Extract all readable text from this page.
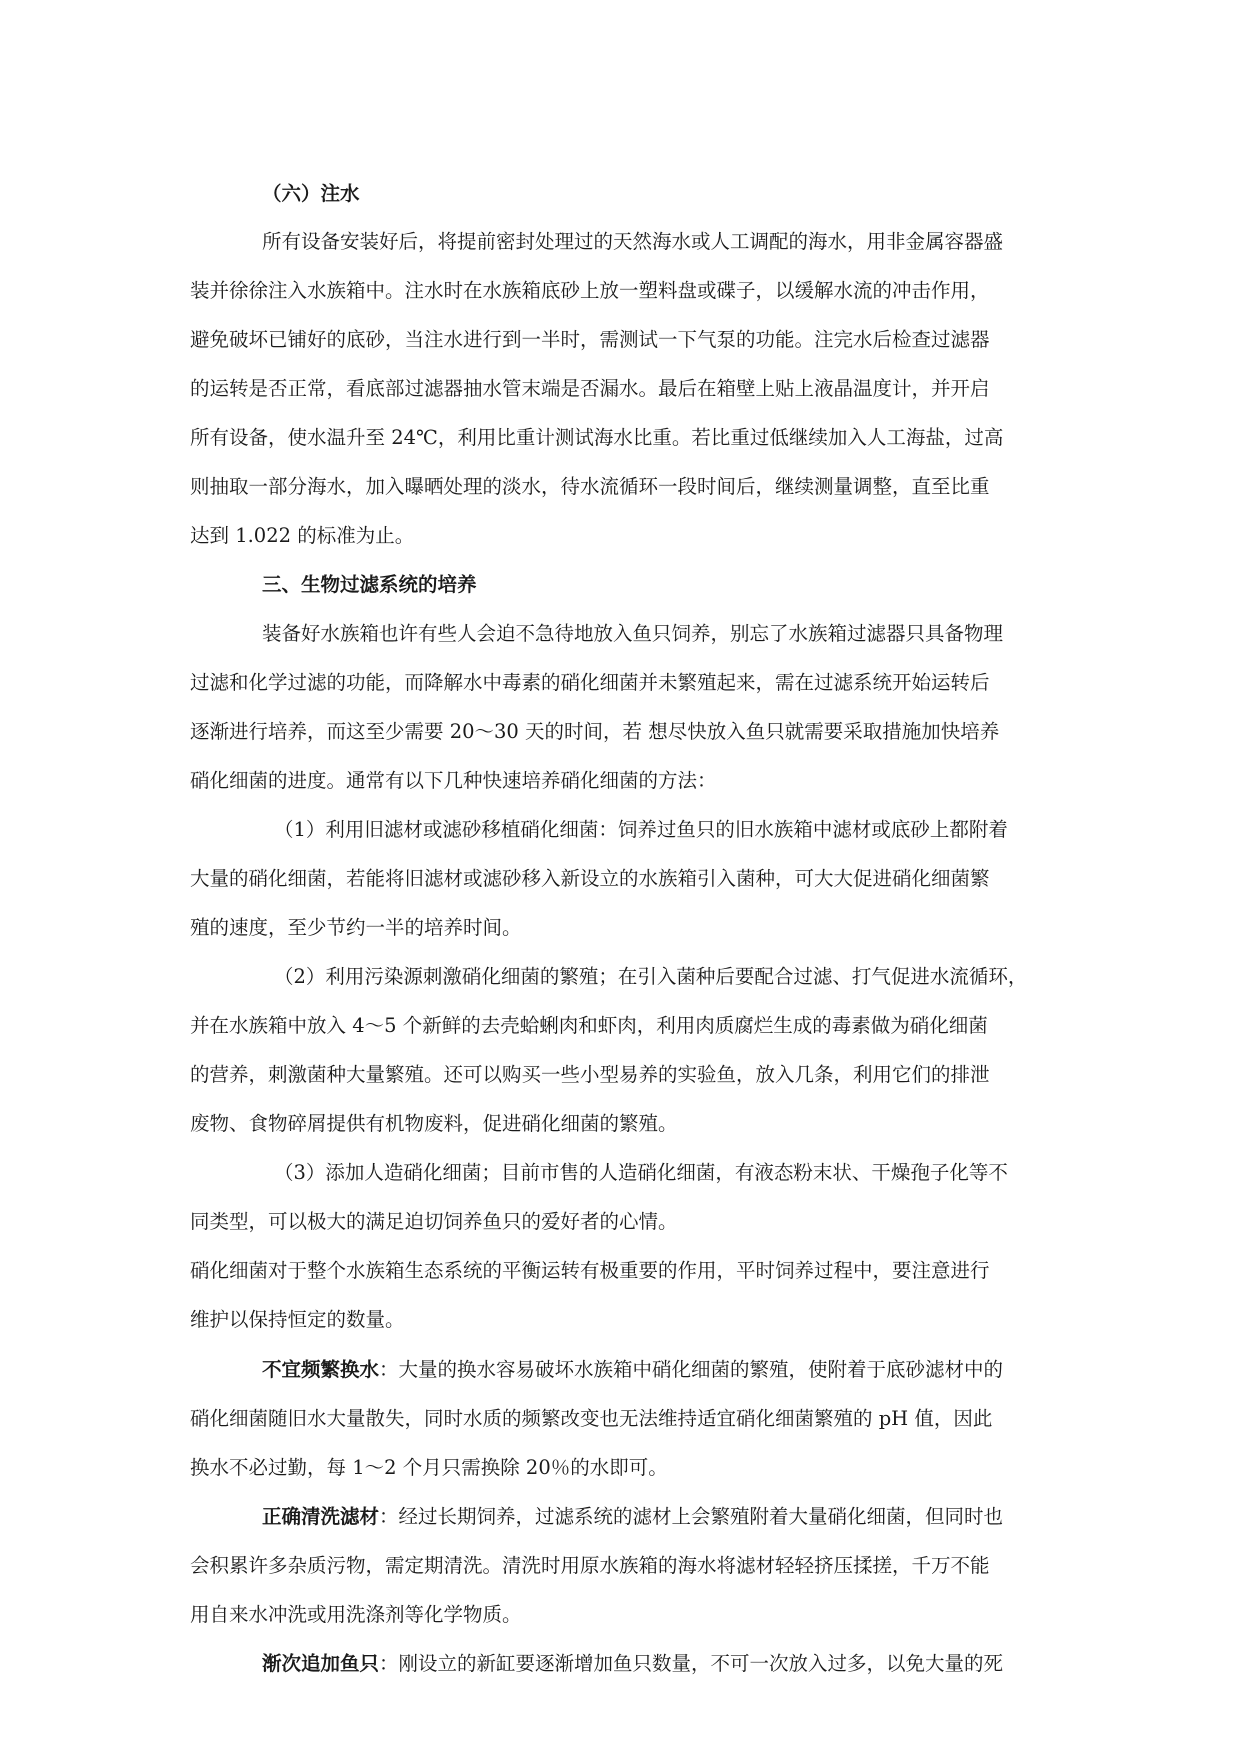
（六）注水
所有设备安装好后，将提前密封处理过的天然海水或人工调配的海水，用非金属容器盛
装并徐徐注入水族箱中。注水时在水族箱底砂上放一塑料盘或碟子，以缓解水流的冲击作用，
避免破坏已铺好的底砂，当注水进行到一半时，需测试一下气泵的功能。注完水后检查过滤器
的运转是否正常，看底部过滤器抽水管末端是否漏水。最后在箱壁上贴上液晶温度计，并开启
所有设备，使水温升至 24℃，利用比重计测试海水比重。若比重过低继续加入人工海盐，过高
则抽取一部分海水，加入曝晒处理的淡水，待水流循环一段时间后，继续测量调整，直至比重
达到 1.022 的标准为止。
三、生物过滤系统的培养
装备好水族箱也许有些人会迫不急待地放入鱼只饲养，别忘了水族箱过滤器只具备物理
过滤和化学过滤的功能，而降解水中毒素的硝化细菌并未繁殖起来，需在过滤系统开始运转后
逐渐进行培养，而这至少需要 20～30 天的时间，若 想尽快放入鱼只就需要采取措施加快培养
硝化细菌的进度。通常有以下几种快速培养硝化细菌的方法：
（1）利用旧滤材或滤砂移植硝化细菌：饲养过鱼只的旧水族箱中滤材或底砂上都附着
大量的硝化细菌，若能将旧滤材或滤砂移入新设立的水族箱引入菌种，可大大促进硝化细菌繁
殖的速度，至少节约一半的培养时间。
（2）利用污染源刺激硝化细菌的繁殖；在引入菌种后要配合过滤、打气促进水流循环，
并在水族箱中放入 4～5 个新鲜的去壳蛤蜊肉和虾肉，利用肉质腐烂生成的毒素做为硝化细菌
的营养，刺激菌种大量繁殖。还可以购买一些小型易养的实验鱼，放入几条，利用它们的排泄
废物、食物碎屑提供有机物废料，促进硝化细菌的繁殖。
（3）添加人造硝化细菌；目前市售的人造硝化细菌，有液态粉末状、干燥孢子化等不
同类型，可以极大的满足迫切饲养鱼只的爱好者的心情。
硝化细菌对于整个水族箱生态系统的平衡运转有极重要的作用，平时饲养过程中，要注意进行
维护以保持恒定的数量。
不宜频繁换水：大量的换水容易破坏水族箱中硝化细菌的繁殖，使附着于底砂滤材中的
硝化细菌随旧水大量散失，同时水质的频繁改变也无法维持适宜硝化细菌繁殖的 pH 值，因此
换水不必过勤，每 1～2 个月只需换除 20％的水即可。
正确清洗滤材：经过长期饲养，过滤系统的滤材上会繁殖附着大量硝化细菌，但同时也
会积累许多杂质污物，需定期清洗。清洗时用原水族箱的海水将滤材轻轻挤压揉搓，千万不能
用自来水冲洗或用洗涤剂等化学物质。
渐次追加鱼只：刚设立的新缸要逐渐增加鱼只数量，不可一次放入过多，以免大量的死
